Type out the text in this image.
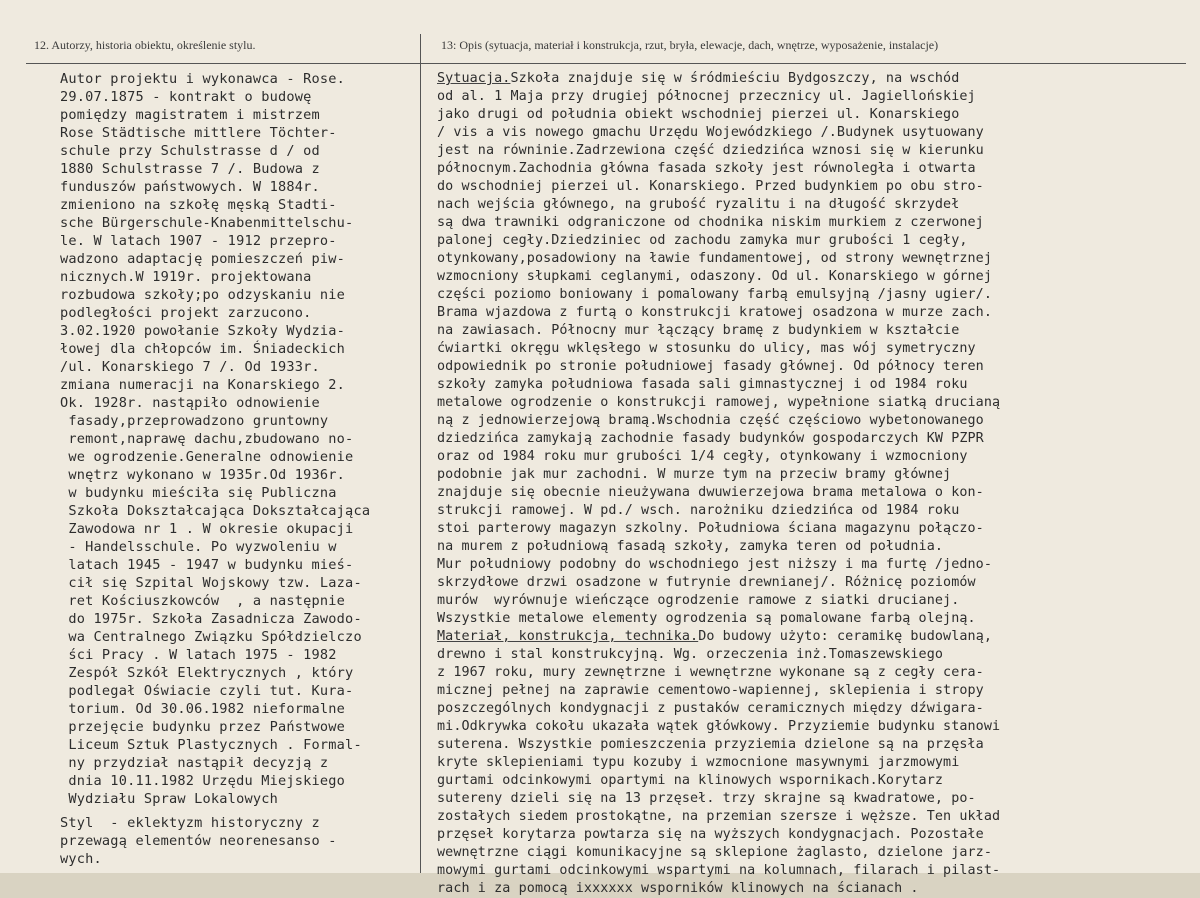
12. Autorzy, historia obiektu, określenie stylu.	13: Opis (sytuacja, materiał i konstrukcja, rzut, bryła, elewacje, dach, wnętrze, wyposażenie, instalacje)
Autor projektu i wykonawca - Rose.
29.07.1875 - kontrakt o budowę
pomiędzy magistratem i mistrzem
Rose Städtische mittlere Töchter-
schule przy Schulstrasse d / od
1880 Schulstrasse 7 /. Budowa z
funduszów państwowych. W 1884r.
zmieniono na szkołę męską Stadti-
sche Bürgerschule-Knabenmittelschu-
le. W latach 1907 - 1912 przepro-
wadzono adaptację pomieszczeń piw-
nicznych.W 1919r. projektowana
rozbudowa szkoły;po odzyskaniu nie
podległości projekt zarzucono.
3.02.1920 powołanie Szkoły Wydzia-
łowej dla chłopców im. Śniadeckich
/ul. Konarskiego 7 /. Od 1933r.
zmiana numeracji na Konarskiego 2.
Ok. 1928r. nastąpiło odnowienie
fasady,przeprowadzono gruntowny
remont,naprawę dachu,zbudowano no-
we ogrodzenie.Generalne odnowienie
wnętrz wykonano w 1935r.Od 1936r.
w budynku mieściła się Publiczna
Szkoła Dokształcająca Dokształcająca
Zawodowa nr 1 . W okresie okupacji
- Handelsschule. Po wyzwoleniu w
latach 1945 - 1947 w budynku mieś-
cił się Szpital Wojskowy tzw. Laza-
ret Kościuszkowców  , a następnie
do 1975r. Szkoła Zasadnicza Zawodo-
wa Centralnego Związku Spółdzielczo
ści Pracy . W latach 1975 - 1982
Zespół Szkół Elektrycznych , który
podlegał Oświacie czyli tut. Kura-
torium. Od 30.06.1982 nieformalne
przejęcie budynku przez Państwowe
Liceum Sztuk Plastycznych . Formal-
ny przydział nastąpił decyzją z
dnia 10.11.1982 Urzędu Miejskiego
Wydziału Spraw Lokalowych
Styl  - eklektyzm historyczny z
przewagą elementów neorenesanso -
wych.
Sytuacja.Szkoła znajduje się w śródmieściu Bydgoszczy, na wschód
od al. 1 Maja przy drugiej północnej przecznicy ul. Jagiellońskiej
jako drugi od południa obiekt wschodniej pierzei ul. Konarskiego
/ vis a vis nowego gmachu Urzędu Wojewódzkiego /.Budynek usytuowany
jest na równinie.Zadrzewiona część dziedzińca wznosi się w kierunku
północnym.Zachodnia główna fasada szkoły jest równoległa i otwarta
do wschodniej pierzei ul. Konarskiego. Przed budynkiem po obu stro-
nach wejścia głównego, na grubość ryzalitu i na długość skrzydeł
są dwa trawniki odgraniczone od chodnika niskim murkiem z czerwonej
palonej cegły.Dziedziniec od zachodu zamyka mur grubości 1 cegły,
otynkowany,posadowiony na ławie fundamentowej, od strony wewnętrznej
wzmocniony słupkami ceglanymi, odaszony. Od ul. Konarskiego w górnej
części poziomo boniowany i pomalowany farbą emulsyjną /jasny ugier/.
Brama wjazdowa z furtą o konstrukcji kratowej osadzona w murze zach.
na zawiasach. Północny mur łączący bramę z budynkiem w kształcie
ćwiartki okręgu wklęsłego w stosunku do ulicy, mas wój symetryczny
odpowiednik po stronie południowej fasady głównej. Od północy teren
szkoły zamyka południowa fasada sali gimnastycznej i od 1984 roku
metalowe ogrodzenie o konstrukcji ramowej, wypełnione siatką drucianą
ną z jednowierzejową bramą.Wschodnia część częściowo wybetonowanego
dziedzińca zamykają zachodnie fasady budynków gospodarczych KW PZPR
oraz od 1984 roku mur grubości 1/4 cegły, otynkowany i wzmocniony
podobnie jak mur zachodni. W murze tym na przeciw bramy głównej
znajduje się obecnie nieużywana dwuwierzejowa brama metalowa o kon-
strukcji ramowej. W pd./ wsch. narożniku dziedzińca od 1984 roku
stoi parterowy magazyn szkolny. Południowa ściana magazynu połączo-
na murem z południową fasadą szkoły, zamyka teren od południa.
Mur południowy podobny do wschodniego jest niższy i ma furtę /jedno-
skrzydłowe drzwi osadzone w futrynie drewnianej/. Różnicę poziomów
murów  wyrównuje wieńczące ogrodzenie ramowe z siatki drucianej.
Wszystkie metalowe elementy ogrodzenia są pomalowane farbą olejną.
Materiał, konstrukcja, technika.Do budowy użyto: ceramikę budowlaną,
drewno i stal konstrukcyjną. Wg. orzeczenia inż.Tomaszewskiego
z 1967 roku, mury zewnętrzne i wewnętrzne wykonane są z cegły cera-
micznej pełnej na zaprawie cementowo-wapiennej, sklepienia i stropy
poszczególnych kondygnacji z pustaków ceramicznych między dźwigara-
mi.Odkrywka cokołu ukazała wątek główkowy. Przyziemie budynku stanowi
suterena. Wszystkie pomieszczenia przyziemia dzielone są na przęsła
kryte sklepieniami typu kozuby i wzmocnione masywnymi jarzmowymi
gurtami odcinkowymi opartymi na klinowych wspornikach.Korytarz
sutereny dzieli się na 13 przęseł. trzy skrajne są kwadratowe, po-
zostałych siedem prostokątne, na przemian szersze i węższe. Ten układ
przęseł korytarza powtarza się na wyższych kondygnacjach. Pozostałe
wewnętrzne ciągi komunikacyjne są sklepione żaglasto, dzielone jarz-
mowymi gurtami odcinkowymi wspartymi na kolumnach, filarach i pilast-
rach i za pomocą ixxxxxx wsporników klinowych na ścianach .
